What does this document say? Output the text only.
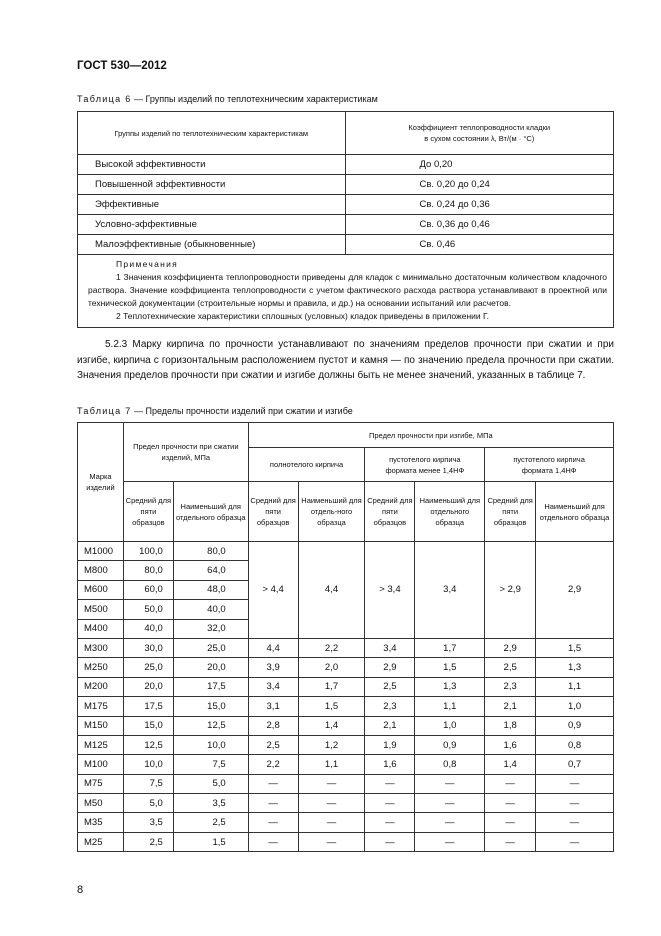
ГОСТ 530—2012
Таблица 6 — Группы изделий по теплотехническим характеристикам
Группы изделий по теплотехническим характеристикам	Коэффициент теплопроводности кладки
в сухом состоянии λ, Вт/(м · °С)
Высокой эффективности	До 0,20
Повышенной эффективности	Св. 0,20 до 0,24
Эффективные	Св. 0,24 до 0,36
Условно-эффективные	Св. 0,36 до 0,46
Малоэффективные (обыкновенные)	Св. 0,46

Примечания
1 Значения коэффициента теплопроводности приведены для кладок с минимально достаточным количеством кладочного раствора. Значение коэффициента теплопроводности с учетом фактического расхода раствора устанавливают в проектной или технической документации (строительные нормы и правила, и др.) на основании испытаний или расчетов.
2 Теплотехнические характеристики сплошных (условных) кладок приведены в приложении Г.	
5.2.3 Марку кирпича по прочности устанавливают по значениям пределов прочности при сжатии и при изгибе, кирпича с горизонтальным расположением пустот и камня — по значению предела прочности при сжатии. Значения пределов прочности при сжатии и изгибе должны быть не менее значений, указанных в таблице 7.
Таблица 7 — Пределы прочности изделий при сжатии и изгибе
Марка изделий	Предел прочности при сжатии изделий, МПа		Предел прочности при изгибе, МПа					
			полнотелого кирпича		пустотелого кирпича формата менее 1,4НФ		пустотелого кирпича формата 1,4НФ	
	Средний для пяти образцов	Наименьший для отдельного образца	Средний для пяти образцов	Наименьший для отдель-ного образца	Средний для пяти образцов	Наименьший для отдельного образца	Средний для пяти образцов	Наименьший для отдельного образца
М1000	100,0	80,0	> 4,4	4,4	> 3,4	3,4	> 2,9	2,9
М800	80,0	64,0						
М600	60,0	48,0						
М500	50,0	40,0						
М400	40,0	32,0						
М300	30,0	25,0	4,4	2,2	3,4	1,7	2,9	1,5
М250	25,0	20,0	3,9	2,0	2,9	1,5	2,5	1,3
М200	20,0	17,5	3,4	1,7	2,5	1,3	2,3	1,1
М175	17,5	15,0	3,1	1,5	2,3	1,1	2,1	1,0
М150	15,0	12,5	2,8	1,4	2,1	1,0	1,8	0,9
М125	12,5	10,0	2,5	1,2	1,9	0,9	1,6	0,8
М100	10,0	7,5	2,2	1,1	1,6	0,8	1,4	0,7
М75	7,5	5,0	—	—	—	—	—	—
М50	5,0	3,5	—	—	—	—	—	—
М35	3,5	2,5	—	—	—	—	—	—
М25	2,5	1,5	—	—	—	—	—	—
8
